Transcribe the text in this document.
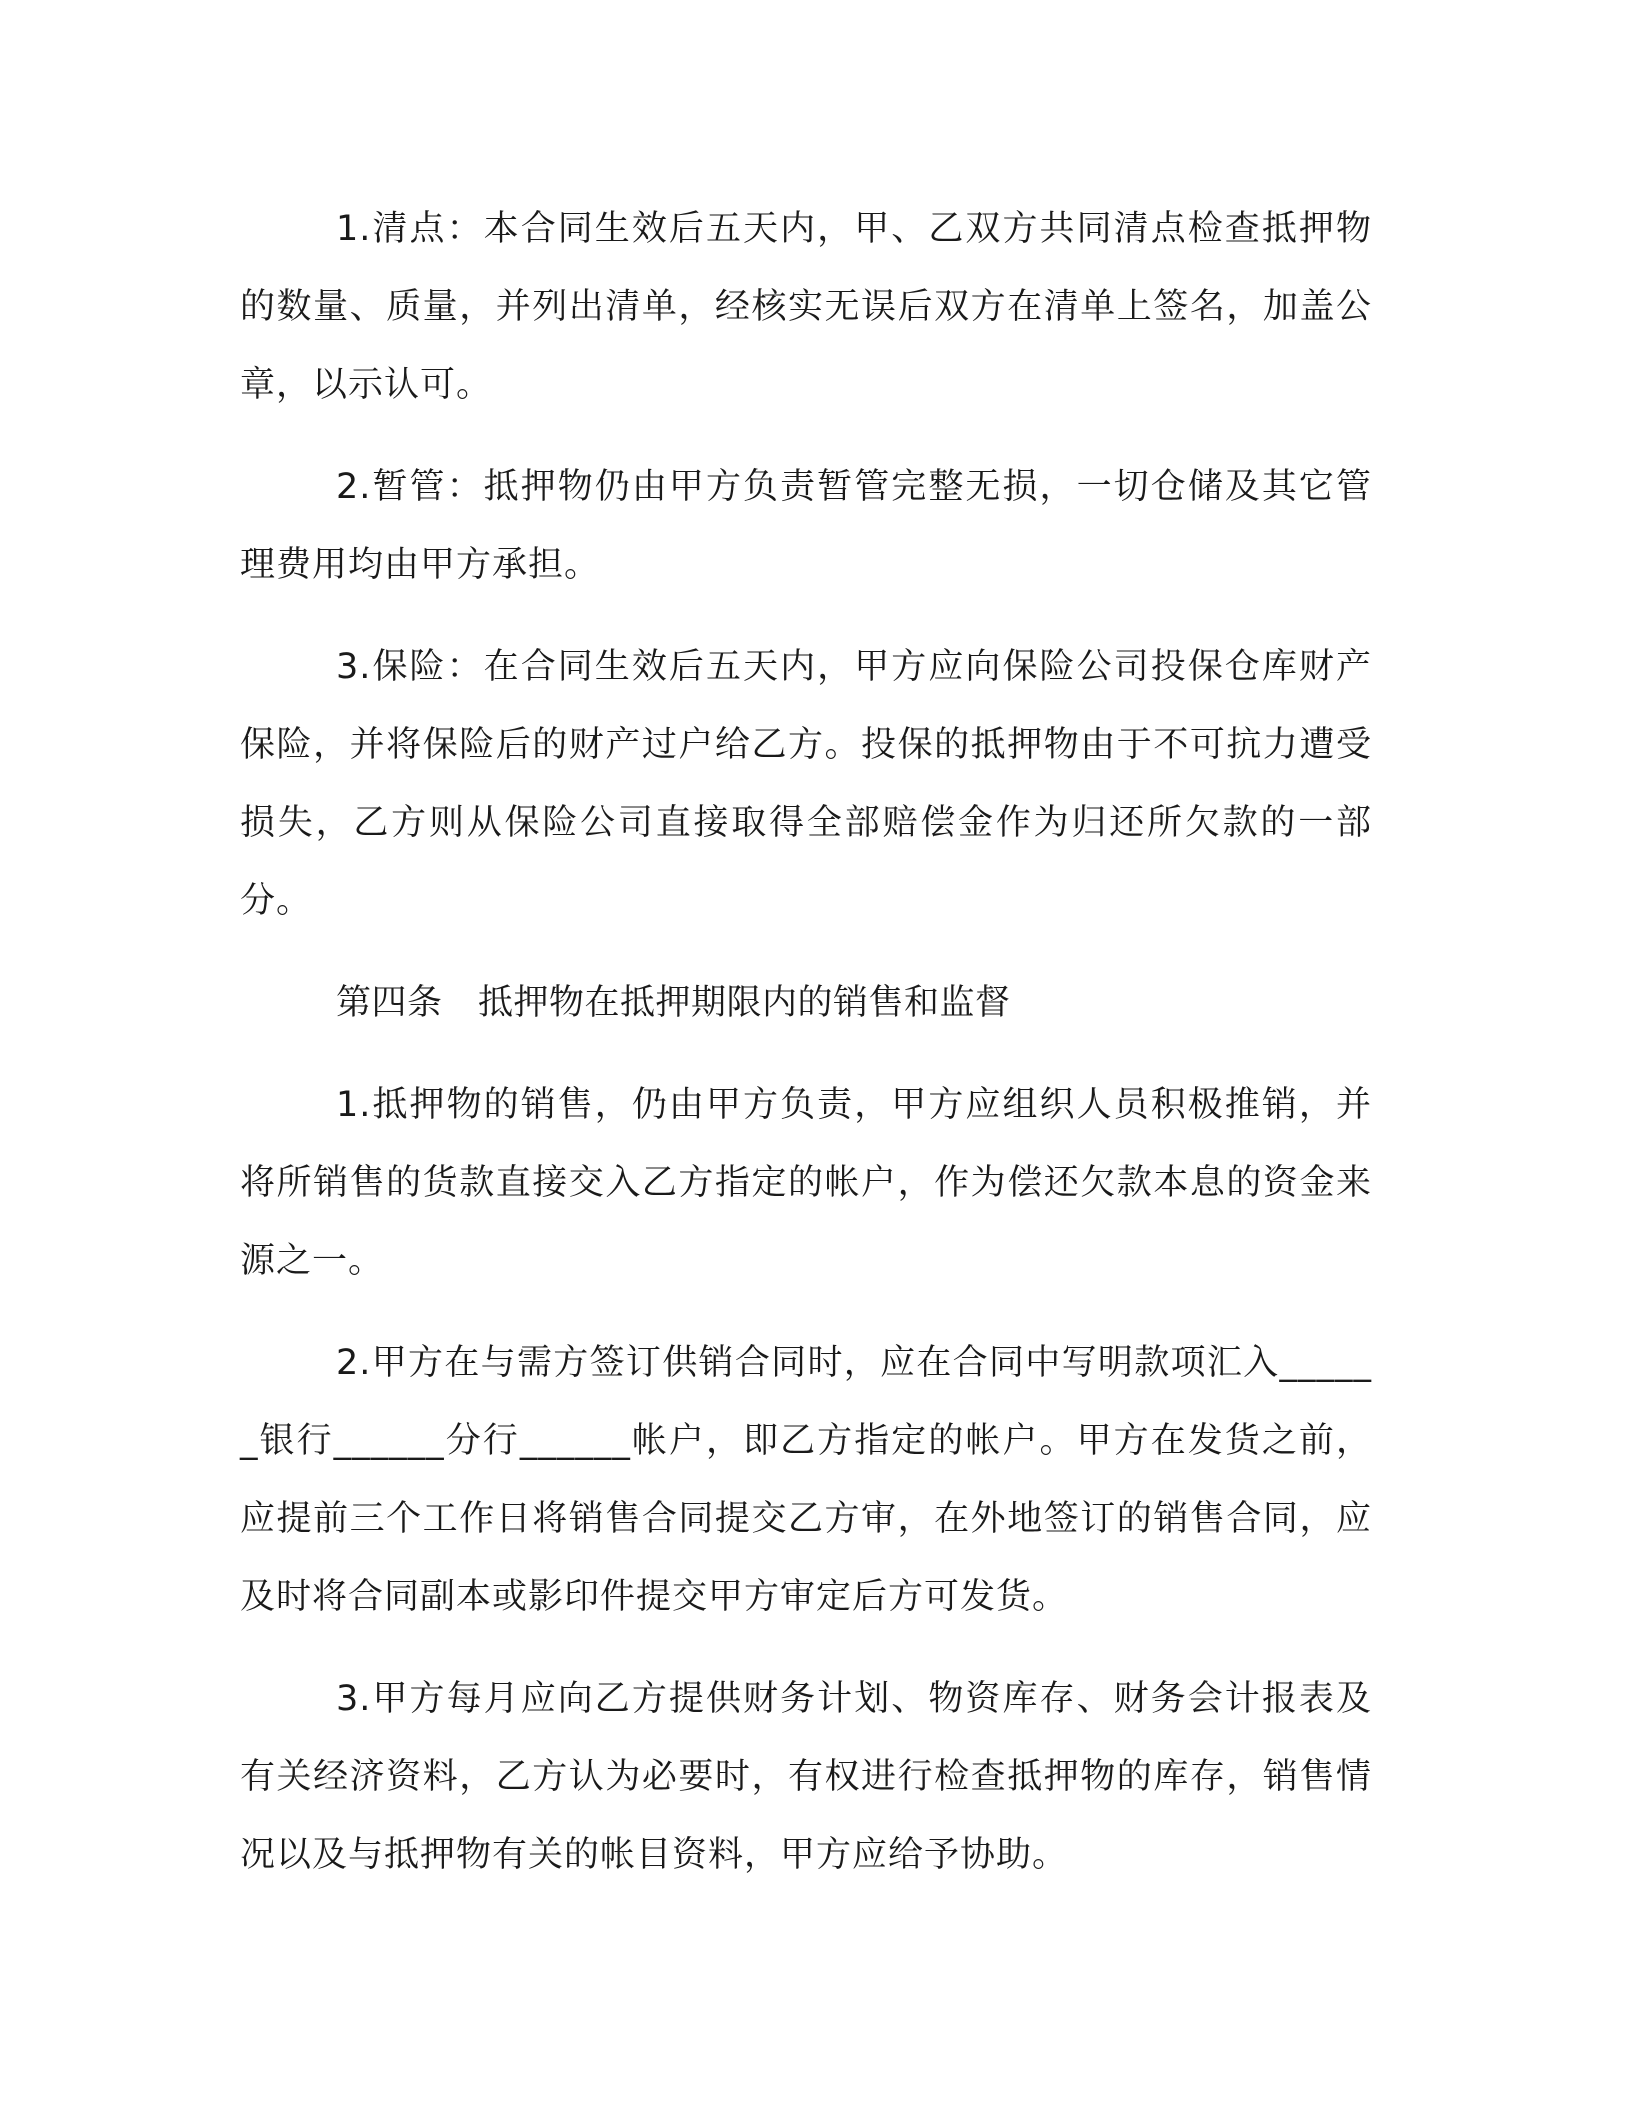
1.清点：本合同生效后五天内，甲、乙双方共同清点检查抵押物的数量、质量，并列出清单，经核实无误后双方在清单上签名，加盖公章，以示认可。

2.暂管：抵押物仍由甲方负责暂管完整无损，一切仓储及其它管理费用均由甲方承担。

3.保险：在合同生效后五天内，甲方应向保险公司投保仓库财产保险，并将保险后的财产过户给乙方。投保的抵押物由于不可抗力遭受损失，乙方则从保险公司直接取得全部赔偿金作为归还所欠款的一部分。

第四条　抵押物在抵押期限内的销售和监督

1.抵押物的销售，仍由甲方负责，甲方应组织人员积极推销，并将所销售的货款直接交入乙方指定的帐户，作为偿还欠款本息的资金来源之一。

2.甲方在与需方签订供销合同时，应在合同中写明款项汇入______银行______分行______帐户，即乙方指定的帐户。甲方在发货之前，应提前三个工作日将销售合同提交乙方审，在外地签订的销售合同，应及时将合同副本或影印件提交甲方审定后方可发货。

3.甲方每月应向乙方提供财务计划、物资库存、财务会计报表及有关经济资料，乙方认为必要时，有权进行检查抵押物的库存，销售情况以及与抵押物有关的帐目资料，甲方应给予协助。
